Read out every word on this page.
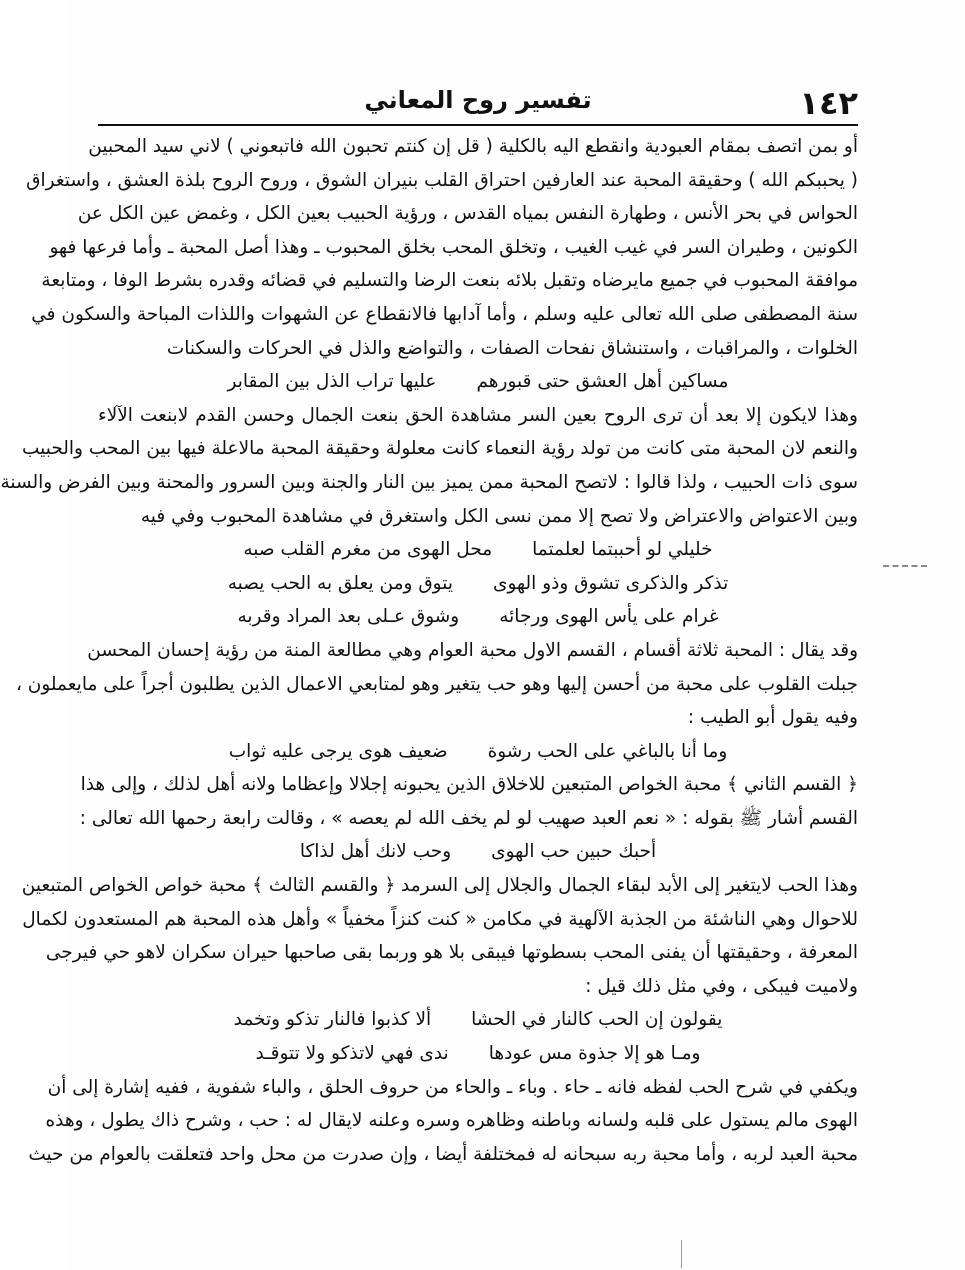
١٤٢
تفسير روح المعاني
أو بمن اتصف بمقام العبودية وانقطع اليه بالكلية ( قل إن كنتم تحبون الله فاتبعوني ) لاني سيد المحبين
( يحببكم الله ) وحقيقة المحبة عند العارفين احتراق القلب بنيران الشوق ، وروح الروح بلذة العشق ، واستغراق
الحواس في بحر الأنس ، وطهارة النفس بمياه القدس ، ورؤية الحبيب بعين الكل ، وغمض عين الكل عن
الكونين ، وطيران السر في غيب الغيب ، وتخلق المحب بخلق المحبوب ـ وهذا أصل المحبة ـ وأما فرعها فهو
موافقة المحبوب في جميع مايرضاه وتقبل بلائه بنعت الرضا والتسليم في قضائه وقدره بشرط الوفا ، ومتابعة
سنة المصطفى صلى الله تعالى عليه وسلم ، وأما آدابها فالانقطاع عن الشهوات واللذات المباحة والسكون في
الخلوات ، والمراقبات ، واستنشاق نفحات الصفات ، والتواضع والذل في الحركات والسكنات
مساكين أهل العشق حتى قبورهم
عليها تراب الذل بين المقابر
وهذا لايكون إلا بعد أن ترى الروح بعين السر مشاهدة الحق بنعت الجمال وحسن القدم لابنعت الآلاء
والنعم لان المحبة متى كانت من تولد رؤية النعماء كانت معلولة وحقيقة المحبة مالاعلة فيها بين المحب والحبيب
سوى ذات الحبيب ، ولذا قالوا : لاتصح المحبة ممن يميز بين النار والجنة وبين السرور والمحنة وبين الفرض والسنة
وبين الاعتواض والاعتراض ولا تصح إلا ممن نسى الكل واستغرق في مشاهدة المحبوب وفي فيه
خليلي لو أحببتما لعلمتما
محل الهوى من مغرم القلب صبه
تذكر والذكرى تشوق وذو الهوى
يتوق ومن يعلق به الحب يصبه
غرام على يأس الهوى ورجائه
وشوق عـلى بعد المراد وقربه
وقد يقال : المحبة ثلاثة أقسام ، القسم الاول محبة العوام وهي مطالعة المنة من رؤية إحسان المحسن
جبلت القلوب على محبة من أحسن إليها وهو حب يتغير وهو لمتابعي الاعمال الذين يطلبون أجراً على مايعملون ،
وفيه يقول أبو الطيب :
وما أنا بالباغي على الحب رشوة
ضعيف هوى يرجى عليه ثواب
﴿ القسم الثاني ﴾ محبة الخواص المتبعين للاخلاق الذين يحبونه إجلالا وإعظاما ولانه أهل لذلك ، وإلى هذا
القسم أشار ﷺ بقوله : « نعم العبد صهيب لو لم يخف الله لم يعصه » ، وقالت رابعة رحمها الله تعالى :
أحبك حبين حب الهوى
وحب لانك أهل لذاكا
وهذا الحب لايتغير إلى الأبد لبقاء الجمال والجلال إلى السرمد ﴿ والقسم الثالث ﴾ محبة خواص الخواص المتبعين
للاحوال وهي الناشئة من الجذبة الآلهية في مكامن « كنت كنزاً مخفياً » وأهل هذه المحبة هم المستعدون لكمال
المعرفة ، وحقيقتها أن يفنى المحب بسطوتها فيبقى بلا هو وربما بقى صاحبها حيران سكران لاهو حي فيرجى
ولاميت فيبكى ، وفي مثل ذلك قيل :
يقولون إن الحب كالنار في الحشا
ألا كذبوا فالنار تذكو وتخمد
ومـا هو إلا جذوة مس عودها
ندى فهي لاتذكو ولا تتوقـد
ويكفي في شرح الحب لفظه فانه ـ حاء . وباء ـ والحاء من حروف الحلق ، والباء شفوية ، ففيه إشارة إلى أن
الهوى مالم يستول على قلبه ولسانه وباطنه وظاهره وسره وعلنه لايقال له : حب ، وشرح ذاك يطول ، وهذه
محبة العبد لربه ، وأما محبة ربه سبحانه له فمختلفة أيضا ، وإن صدرت من محل واحد فتعلقت بالعوام من حيث
